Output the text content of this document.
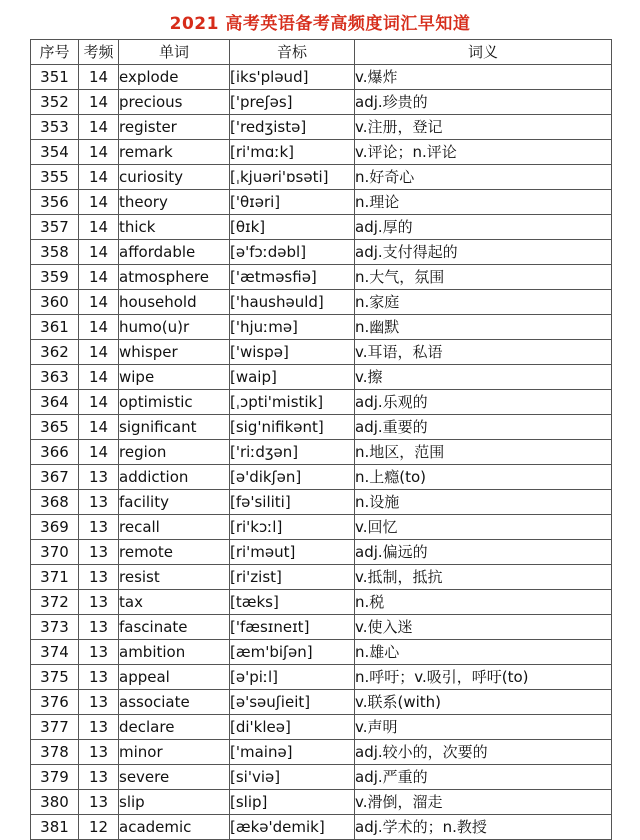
2021 高考英语备考高频度词汇早知道
序号	考频	单词	音标	词义
351	14	explode	[iks'pləud]	v.爆炸
352	14	precious	['preʃəs]	adj.珍贵的
353	14	register	['redʒistə]	v.注册，登记
354	14	remark	[ri'mɑːk]	v.评论；n.评论
355	14	curiosity	[ˌkjuəri'ɒsəti]	n.好奇心
356	14	theory	['θɪəri]	n.理论
357	14	thick	[θɪk]	adj.厚的
358	14	affordable	[ə'fɔːdəbl]	adj.支付得起的
359	14	atmosphere	['ætməsfiə]	n.大气，氛围
360	14	household	['haushəuld]	n.家庭
361	14	humo(u)r	['hjuːmə]	n.幽默
362	14	whisper	['wispə]	v.耳语，私语
363	14	wipe	[waip]	v.擦
364	14	optimistic	[ˌɔpti'mistik]	adj.乐观的
365	14	significant	[sig'nifikənt]	adj.重要的
366	14	region	['riːdʒən]	n.地区，范围
367	13	addiction	[ə'dikʃən]	n.上瘾(to)
368	13	facility	[fə'siliti]	n.设施
369	13	recall	[ri'kɔːl]	v.回忆
370	13	remote	[ri'məut]	adj.偏远的
371	13	resist	[ri'zist]	v.抵制，抵抗
372	13	tax	[tæks]	n.税
373	13	fascinate	['fæsɪneɪt]	v.使入迷
374	13	ambition	[æm'biʃən]	n.雄心
375	13	appeal	[ə'piːl]	n.呼吁；v.吸引，呼吁(to)
376	13	associate	[ə'səuʃieit]	v.联系(with)
377	13	declare	[di'kleə]	v.声明
378	13	minor	['mainə]	adj.较小的，次要的
379	13	severe	[si'viə]	adj.严重的
380	13	slip	[slip]	v.滑倒，溜走
381	12	academic	[ækə'demik]	adj.学术的；n.教授
